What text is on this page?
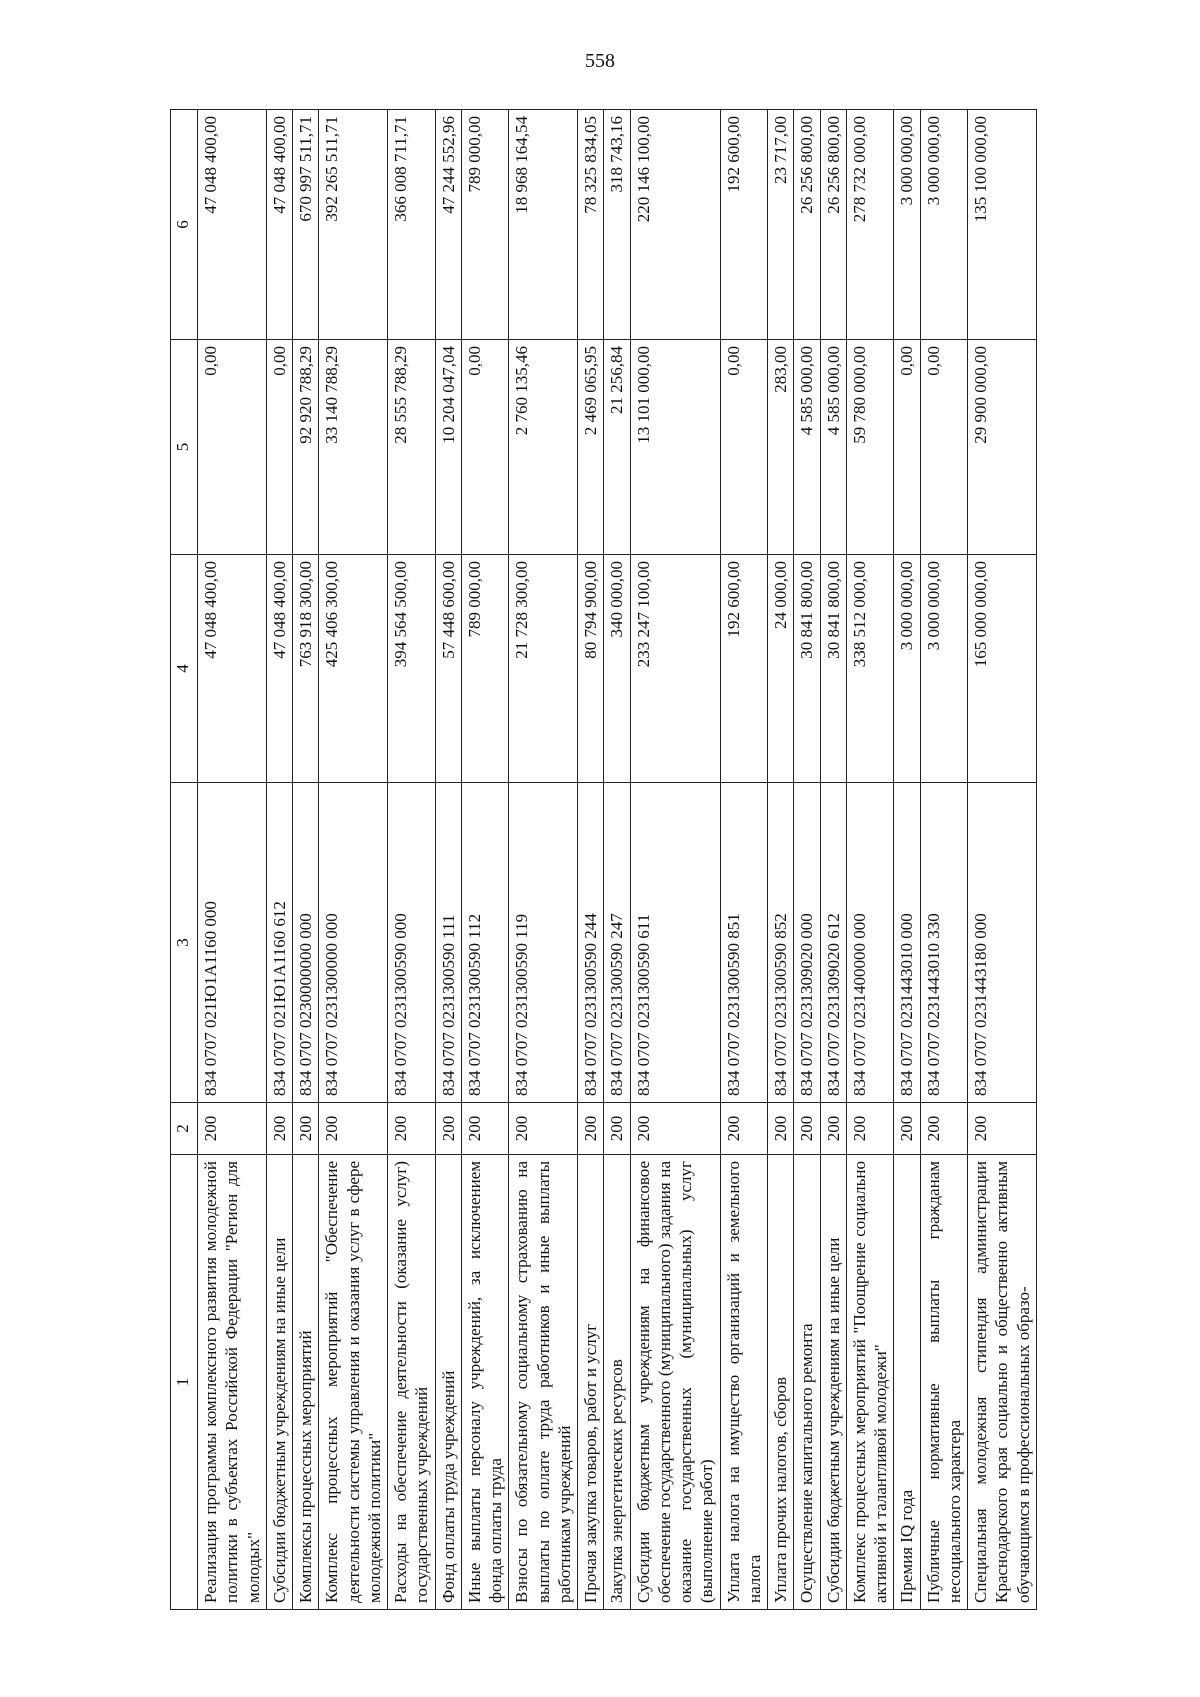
558
1	2	3	4	5	6
Реализация программы комплексного развития молодежной политики в субъектах Российской Федерации "Регион для молодых"	200	834 0707 021Ю1А1160 000	47 048 400,00	0,00	47 048 400,00
Субсидии бюджетным учреждениям на иные цели	200	834 0707 021Ю1А1160 612	47 048 400,00	0,00	47 048 400,00
Комплексы процессных мероприятий	200	834 0707 0230000000 000	763 918 300,00	92 920 788,29	670 997 511,71
Комплекс процессных мероприятий "Обеспечение деятельности системы управления и оказания услуг в сфере молодежной политики"	200	834 0707 0231300000 000	425 406 300,00	33 140 788,29	392 265 511,71
Расходы на обеспечение деятельности (оказание услуг) государственных учреждений	200	834 0707 0231300590 000	394 564 500,00	28 555 788,29	366 008 711,71
Фонд оплаты труда учреждений	200	834 0707 0231300590 111	57 448 600,00	10 204 047,04	47 244 552,96
Иные выплаты персоналу учреждений, за исключением фонда оплаты труда	200	834 0707 0231300590 112	789 000,00	0,00	789 000,00
Взносы по обязательному социальному страхованию на выплаты по оплате труда работников и иные выплаты работникам учреждений	200	834 0707 0231300590 119	21 728 300,00	2 760 135,46	18 968 164,54
Прочая закупка товаров, работ и услуг	200	834 0707 0231300590 244	80 794 900,00	2 469 065,95	78 325 834,05
Закупка энергетических ресурсов	200	834 0707 0231300590 247	340 000,00	21 256,84	318 743,16
Субсидии бюджетным учреждениям на финансовое обеспечение государственного (муниципального) задания на оказание государственных (муниципальных) услуг (выполнение работ)	200	834 0707 0231300590 611	233 247 100,00	13 101 000,00	220 146 100,00
Уплата налога на имущество организаций и земельного налога	200	834 0707 0231300590 851	192 600,00	0,00	192 600,00
Уплата прочих налогов, сборов	200	834 0707 0231300590 852	24 000,00	283,00	23 717,00
Осуществление капитального ремонта	200	834 0707 0231309020 000	30 841 800,00	4 585 000,00	26 256 800,00
Субсидии бюджетным учреждениям на иные цели	200	834 0707 0231309020 612	30 841 800,00	4 585 000,00	26 256 800,00
Комплекс процессных мероприятий "Поощрение социально активной и талантливой молодежи"	200	834 0707 0231400000 000	338 512 000,00	59 780 000,00	278 732 000,00
Премия IQ года	200	834 0707 0231443010 000	3 000 000,00	0,00	3 000 000,00
Публичные нормативные выплаты гражданам несоциального характера	200	834 0707 0231443010 330	3 000 000,00	0,00	3 000 000,00
Специальная молодежная стипендия администрации Краснодарского края социально и общественно активным обучающимся в профессиональных образо-	200	834 0707 0231443180 000	165 000 000,00	29 900 000,00	135 100 000,00
